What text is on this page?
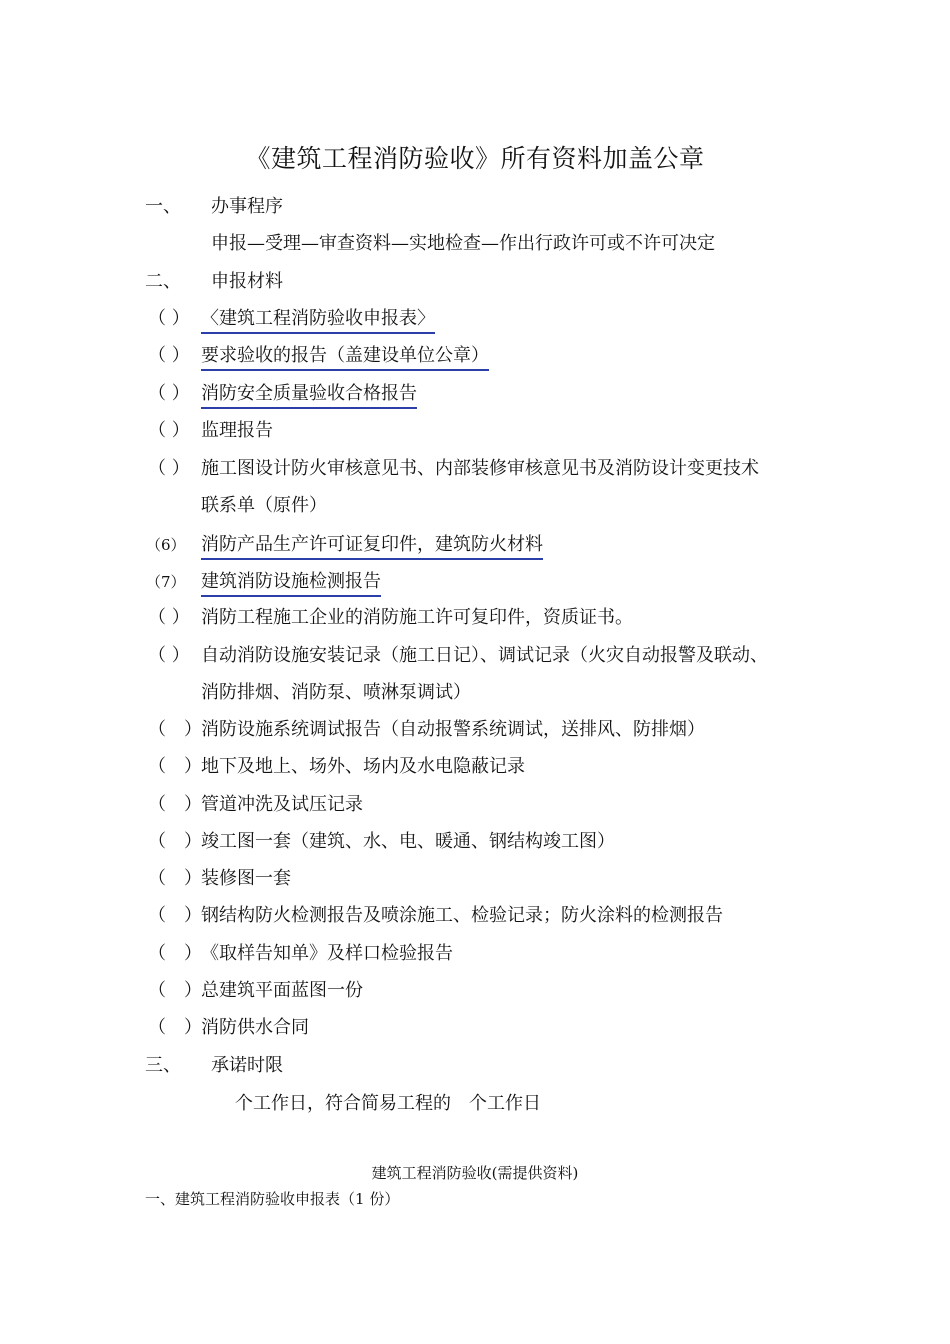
《建筑工程消防验收》所有资料加盖公章
一、 办事程序
申报—受理—审查资料—实地检查—作出行政许可或不许可决定
二、 申报材料
（ ） 〈建筑工程消防验收申报表〉
（ ） 要求验收的报告（盖建设单位公章）
（ ） 消防安全质量验收合格报告
（ ） 监理报告
（ ） 施工图设计防火审核意见书、内部装修审核意见书及消防设计变更技术
联系单（原件）
（6） 消防产品生产许可证复印件，建筑防火材料
（7） 建筑消防设施检测报告
（ ） 消防工程施工企业的消防施工许可复印件，资质证书。
（ ） 自动消防设施安装记录（施工日记）、调试记录（火灾自动报警及联动、
消防排烟、消防泵、喷淋泵调试）
（　） 消防设施系统调试报告（自动报警系统调试，送排风、防排烟）
（　） 地下及地上、场外、场内及水电隐蔽记录
（　） 管道冲洗及试压记录
（　） 竣工图一套（建筑、水、电、暖通、钢结构竣工图）
（　） 装修图一套
（　） 钢结构防火检测报告及喷涂施工、检验记录；防火涂料的检测报告
（　） 《取样告知单》及样口检验报告
（　） 总建筑平面蓝图一份
（　） 消防供水合同
三、 承诺时限
个工作日，符合简易工程的　个工作日
建筑工程消防验收(需提供资料)
一、建筑工程消防验收申报表（1 份）
